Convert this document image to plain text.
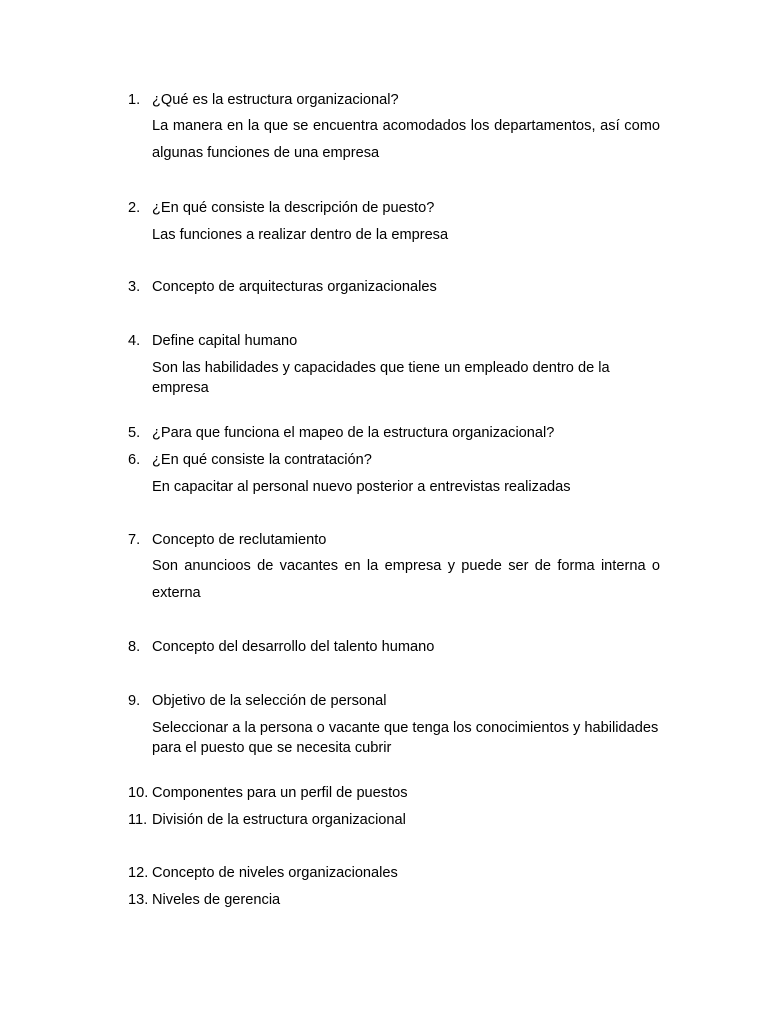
1. ¿Qué es la estructura organizacional?
La manera en la que se encuentra acomodados los departamentos, así como algunas funciones de una empresa
2. ¿En qué consiste la descripción de puesto?
Las funciones a realizar dentro de la empresa
3. Concepto de arquitecturas organizacionales
4. Define capital humano
Son las habilidades y capacidades que tiene un empleado dentro de la empresa
5. ¿Para que funciona el mapeo de la estructura organizacional?
6. ¿En qué consiste la contratación?
En capacitar al personal nuevo posterior a entrevistas realizadas
7. Concepto de reclutamiento
Son anuncioos de vacantes en la empresa y puede ser de forma interna o externa
8. Concepto del desarrollo del talento humano
9. Objetivo de la selección de personal
Seleccionar a la persona o vacante que tenga los conocimientos y habilidades para el puesto que se necesita cubrir
10. Componentes para un perfil de puestos
11. División de la estructura organizacional
12. Concepto de niveles organizacionales
13. Niveles de gerencia
